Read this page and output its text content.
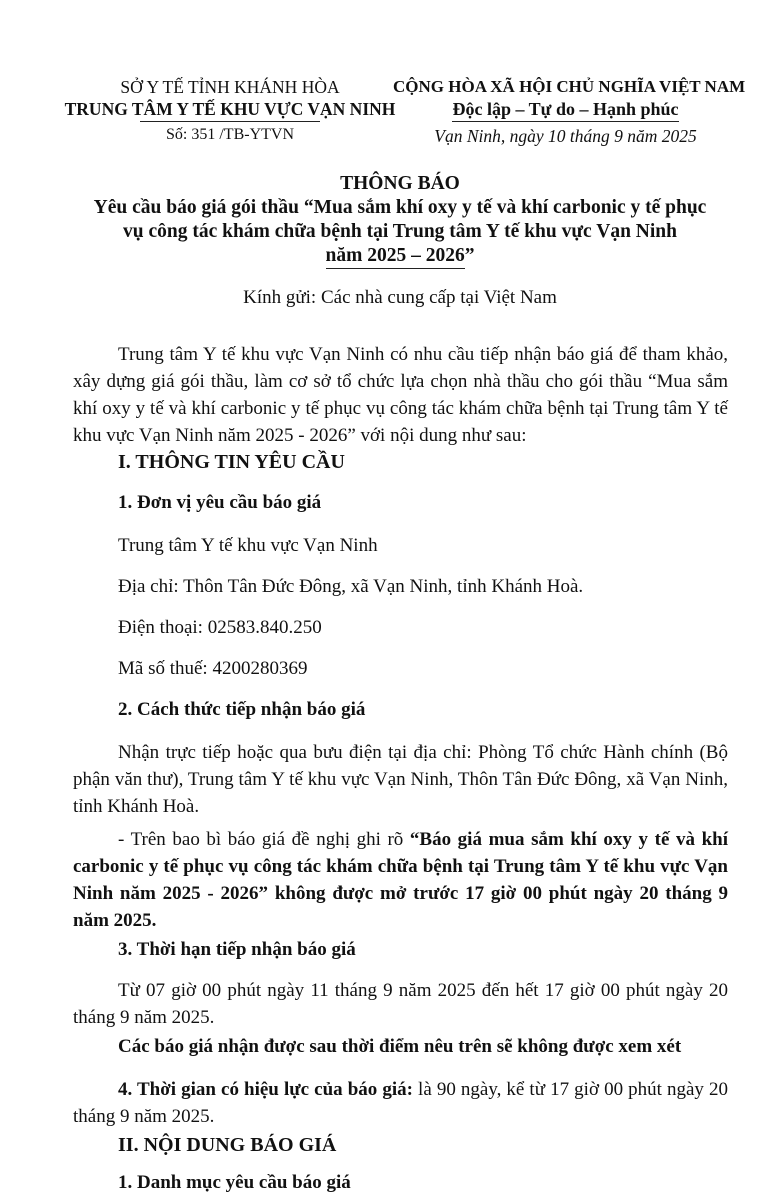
SỞ Y TẾ TỈNH KHÁNH HÒA
TRUNG TÂM Y TẾ KHU VỰC VẠN NINH
Số: 351 /TB-YTVN
CỘNG HÒA XÃ HỘI CHỦ NGHĨA VIỆT NAM
Độc lập – Tự do – Hạnh phúc
Vạn Ninh, ngày 10 tháng 9 năm 2025
THÔNG BÁO
Yêu cầu báo giá gói thầu “Mua sắm khí oxy y tế và khí carbonic y tế phục
vụ công tác khám chữa bệnh tại Trung tâm Y tế khu vực Vạn Ninh
năm 2025 – 2026
”
Kính gửi: Các nhà cung cấp tại Việt Nam
Trung tâm Y tế khu vực Vạn Ninh có nhu cầu tiếp nhận báo giá để tham khảo, xây dựng giá gói thầu, làm cơ sở tổ chức lựa chọn nhà thầu cho gói thầu “Mua sắm khí oxy y tế và khí carbonic y tế phục vụ công tác khám chữa bệnh tại Trung tâm Y tế khu vực Vạn Ninh năm 2025 - 2026” với nội dung như sau:
I. THÔNG TIN YÊU CẦU
1. Đơn vị yêu cầu báo giá
Trung tâm Y tế khu vực Vạn Ninh
Địa chỉ: Thôn Tân Đức Đông, xã Vạn Ninh, tỉnh Khánh Hoà.
Điện thoại: 02583.840.250
Mã số thuế: 4200280369
2. Cách thức tiếp nhận báo giá
Nhận trực tiếp hoặc qua bưu điện tại địa chỉ: Phòng Tổ chức Hành chính (Bộ phận văn thư), Trung tâm Y tế khu vực Vạn Ninh, Thôn Tân Đức Đông, xã Vạn Ninh, tỉnh Khánh Hoà.
- Trên bao bì báo giá đề nghị ghi rõ “Báo giá mua sắm khí oxy y tế và khí carbonic y tế phục vụ công tác khám chữa bệnh tại Trung tâm Y tế khu vực Vạn Ninh năm 2025 - 2026” không được mở trước 17 giờ 00 phút ngày 20 tháng 9 năm 2025.
3. Thời hạn tiếp nhận báo giá
Từ 07 giờ 00 phút ngày 11 tháng 9 năm 2025 đến hết 17 giờ 00 phút ngày 20 tháng 9 năm 2025.
Các báo giá nhận được sau thời điểm nêu trên sẽ không được xem xét
4. Thời gian có hiệu lực của báo giá: là 90 ngày, kể từ 17 giờ 00 phút ngày 20 tháng 9 năm 2025.
II. NỘI DUNG BÁO GIÁ
1. Danh mục yêu cầu báo giá
